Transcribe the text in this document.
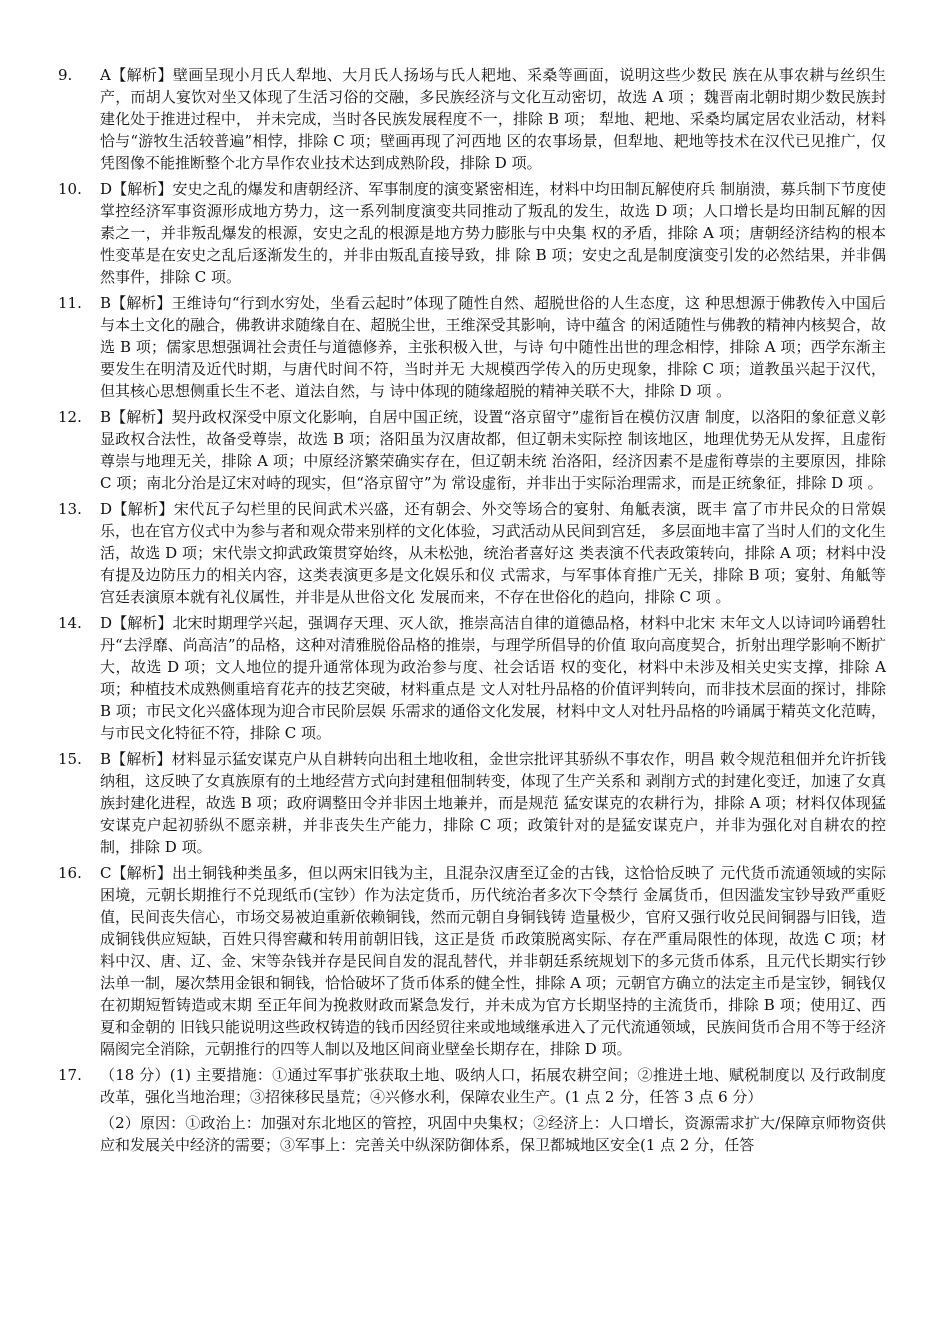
9.	A【解析】壁画呈现小月氏人犁地、大月氏人扬场与氏人耙地、采桑等画面，说明这些少数民 族在从事农耕与丝织生产，而胡人宴饮对坐又体现了生活习俗的交融，多民族经济与文化互动密切，故选 A 项 ；魏晋南北朝时期少数民族封建化处于推进过程中， 并未完成，当时各民族发展程度不一，排除 B 项； 犁地、耙地、采桑均属定居农业活动，材料恰与“游牧生活较普遍”相悖，排除 C 项；壁画再现了河西地 区的农事场景，但犁地、耙地等技术在汉代已见推广，仅凭图像不能推断整个北方旱作农业技术达到成熟阶段，排除 D 项。
10.	D【解析】安史之乱的爆发和唐朝经济、军事制度的演变紧密相连，材料中均田制瓦解使府兵 制崩溃，募兵制下节度使掌控经济军事资源形成地方势力，这一系列制度演变共同推动了叛乱的发生，故选 D 项；人口增长是均田制瓦解的因素之一，并非叛乱爆发的根源，安史之乱的根源是地方势力膨胀与中央集 权的矛盾，排除 A 项；唐朝经济结构的根本性变革是在安史之乱后逐渐发生的，并非由叛乱直接导致，排 除 B 项；安史之乱是制度演变引发的必然结果，并非偶然事件，排除 C 项。
11.	B【解析】王维诗句“行到水穷处，坐看云起时”体现了随性自然、超脱世俗的人生态度，这 种思想源于佛教传入中国后与本土文化的融合，佛教讲求随缘自在、超脱尘世，王维深受其影响，诗中蕴含 的闲适随性与佛教的精神内核契合，故选 B 项；儒家思想强调社会责任与道德修养，主张积极入世，与诗 句中随性出世的理念相悖，排除 A 项；西学东渐主要发生在明清及近代时期，与唐代时间不符，当时并无 大规模西学传入的历史现象，排除 C 项；道教虽兴起于汉代，但其核心思想侧重长生不老、道法自然，与 诗中体现的随缘超脱的精神关联不大，排除 D 项 。
12.	B【解析】契丹政权深受中原文化影响，自居中国正统，设置“洛京留守”虚衔旨在模仿汉唐 制度，以洛阳的象征意义彰显政权合法性，故备受尊崇，故选 B 项；洛阳虽为汉唐故都，但辽朝未实际控 制该地区，地理优势无从发挥，且虚衔尊崇与地理无关，排除 A 项；中原经济繁荣确实存在，但辽朝未统 治洛阳，经济因素不是虚衔尊崇的主要原因，排除 C 项；南北分治是辽宋对峙的现实，但“洛京留守”为 常设虚衔，并非出于实际治理需求，而是正统象征，排除 D 项 。
13.	D【解析】宋代瓦子勾栏里的民间武术兴盛，还有朝会、外交等场合的宴射、角觝表演，既丰 富了市井民众的日常娱乐，也在官方仪式中为参与者和观众带来别样的文化体验，习武活动从民间到宫廷， 多层面地丰富了当时人们的文化生活，故选 D 项；宋代崇文抑武政策贯穿始终，从未松弛，统治者喜好这 类表演不代表政策转向，排除 A 项；材料中没有提及边防压力的相关内容，这类表演更多是文化娱乐和仪 式需求，与军事体育推广无关，排除 B 项；宴射、角觝等宫廷表演原本就有礼仪属性，并非是从世俗文化 发展而来，不存在世俗化的趋向，排除 C 项 。
14.	D【解析】北宋时期理学兴起，强调存天理、灭人欲，推崇高洁自律的道德品格，材料中北宋 末年文人以诗词吟诵碧牡丹“去浮靡、尚高洁”的品格，这种对清雅脱俗品格的推崇，与理学所倡导的价值 取向高度契合，折射出理学影响不断扩大，故选 D 项；文人地位的提升通常体现为政治参与度、社会话语 权的变化，材料中未涉及相关史实支撑，排除 A 项；种植技术成熟侧重培育花卉的技艺突破，材料重点是 文人对牡丹品格的价值评判转向，而非技术层面的探讨，排除 B 项；市民文化兴盛体现为迎合市民阶层娱 乐需求的通俗文化发展，材料中文人对牡丹品格的吟诵属于精英文化范畴，与市民文化特征不符，排除 C 项。
15.	B【解析】材料显示猛安谋克户从自耕转向出租土地收租，金世宗批评其骄纵不事农作，明昌 敕令规范租佃并允许折钱纳租，这反映了女真族原有的土地经营方式向封建租佃制转变，体现了生产关系和 剥削方式的封建化变迁，加速了女真族封建化进程，故选 B 项；政府调整田令并非因土地兼并，而是规范 猛安谋克的农耕行为，排除 A 项；材料仅体现猛安谋克户起初骄纵不愿亲耕，并非丧失生产能力，排除 C 项；政策针对的是猛安谋克户，并非为强化对自耕农的控制，排除 D 项。
16.	C【解析】出土铜钱种类虽多，但以两宋旧钱为主，且混杂汉唐至辽金的古钱，这恰恰反映了 元代货币流通领域的实际困境，元朝长期推行不兑现纸币(宝钞）作为法定货币，历代统治者多次下令禁行 金属货币，但因滥发宝钞导致严重贬值，民间丧失信心，市场交易被迫重新依赖铜钱，然而元朝自身铜钱铸 造量极少，官府又强行收兑民间铜器与旧钱，造成铜钱供应短缺，百姓只得窖藏和转用前朝旧钱，这正是货 币政策脱离实际、存在严重局限性的体现，故选 C 项；材料中汉、唐、辽、金、宋等杂钱并存是民间自发的混乱替代，并非朝廷系统规划下的多元货币体系，且元代长期实行钞法单一制，屡次禁用金银和铜钱，恰恰破坏了货币体系的健全性，排除 A 项；元朝官方确立的法定主币是宝钞，铜钱仅在初期短暂铸造或末期 至正年间为挽救财政而紧急发行，并未成为官方长期坚持的主流货币，排除 B 项；使用辽、西夏和金朝的 旧钱只能说明这些政权铸造的钱币因经贸往来或地域继承进入了元代流通领域，民族间货币合用不等于经济 隔阂完全消除，元朝推行的四等人制以及地区间商业壁垒长期存在，排除 D 项。
17.	（18 分）(1) 主要措施：①通过军事扩张获取土地、吸纳人口，拓展农耕空间；②推进土地、赋税制度以 及行政制度改革，强化当地治理；③招徕移民垦荒；④兴修水利，保障农业生产。(1 点 2 分，任答 3 点 6 分）
（2）原因：①政治上：加强对东北地区的管控，巩固中央集权；②经济上：人口增长，资源需求扩大/保障京师物资供应和发展关中经济的需要；③军事上：完善关中纵深防御体系，保卫都城地区安全(1 点 2 分，任答
